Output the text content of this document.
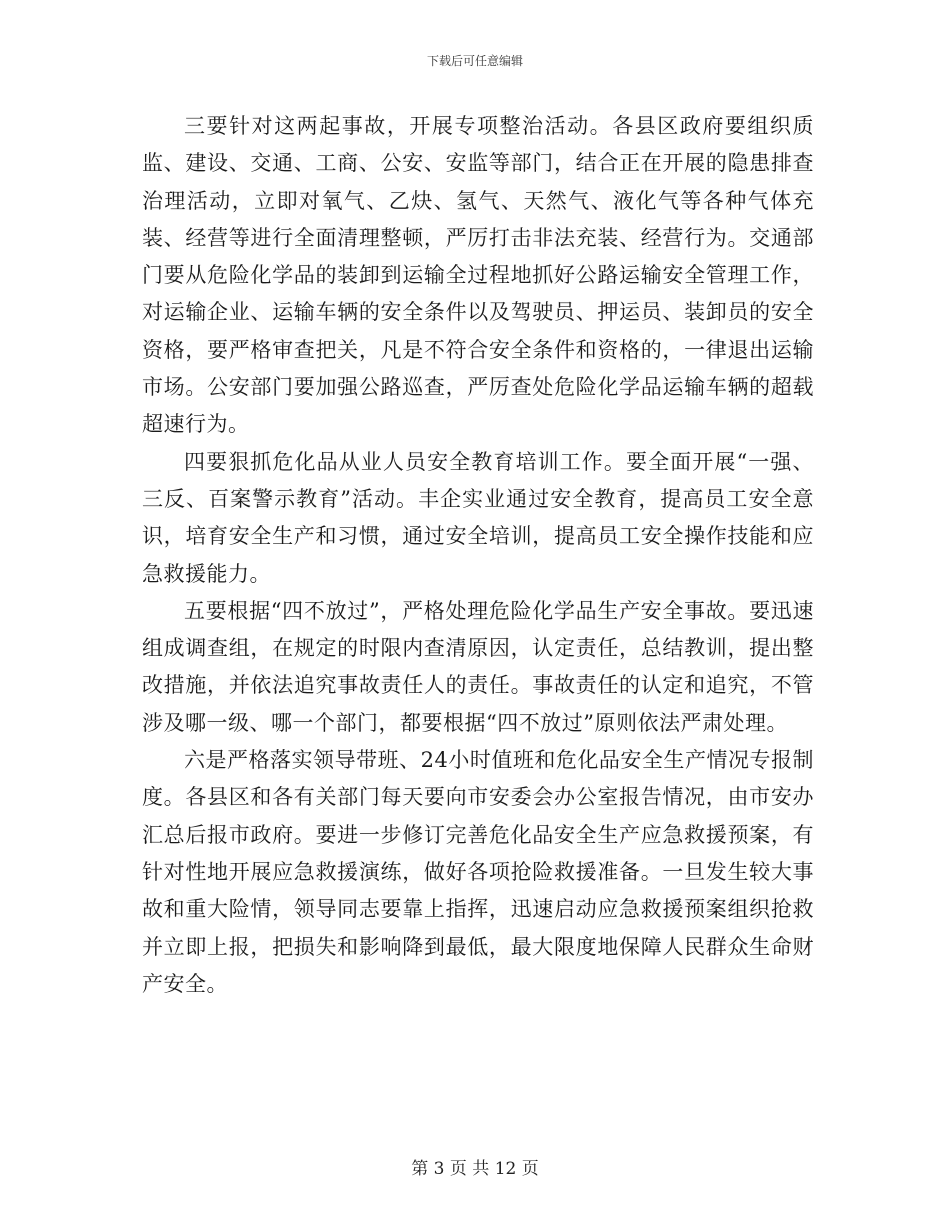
下载后可任意编辑

三要针对这两起事故，开展专项整治活动。各县区政府要组织质监、建设、交通、工商、公安、安监等部门，结合正在开展的隐患排查治理活动，立即对氧气、乙炔、氢气、天然气、液化气等各种气体充装、经营等进行全面清理整顿，严厉打击非法充装、经营行为。交通部门要从危险化学品的装卸到运输全过程地抓好公路运输安全管理工作，对运输企业、运输车辆的安全条件以及驾驶员、押运员、装卸员的安全资格，要严格审查把关，凡是不符合安全条件和资格的，一律退出运输市场。公安部门要加强公路巡查，严厉查处危险化学品运输车辆的超载超速行为。

四要狠抓危化品从业人员安全教育培训工作。要全面开展“一强、三反、百案警示教育”活动。丰企实业通过安全教育，提高员工安全意识，培育安全生产和习惯，通过安全培训，提高员工安全操作技能和应急救援能力。

五要根据“四不放过”，严格处理危险化学品生产安全事故。要迅速组成调查组，在规定的时限内查清原因，认定责任，总结教训，提出整改措施，并依法追究事故责任人的责任。事故责任的认定和追究，不管涉及哪一级、哪一个部门，都要根据“四不放过”原则依法严肃处理。

六是严格落实领导带班、24小时值班和危化品安全生产情况专报制度。各县区和各有关部门每天要向市安委会办公室报告情况，由市安办汇总后报市政府。要进一步修订完善危化品安全生产应急救援预案，有针对性地开展应急救援演练，做好各项抢险救援准备。一旦发生较大事故和重大险情，领导同志要靠上指挥，迅速启动应急救援预案组织抢救并立即上报，把损失和影响降到最低，最大限度地保障人民群众生命财产安全。

第 3 页 共 12 页
